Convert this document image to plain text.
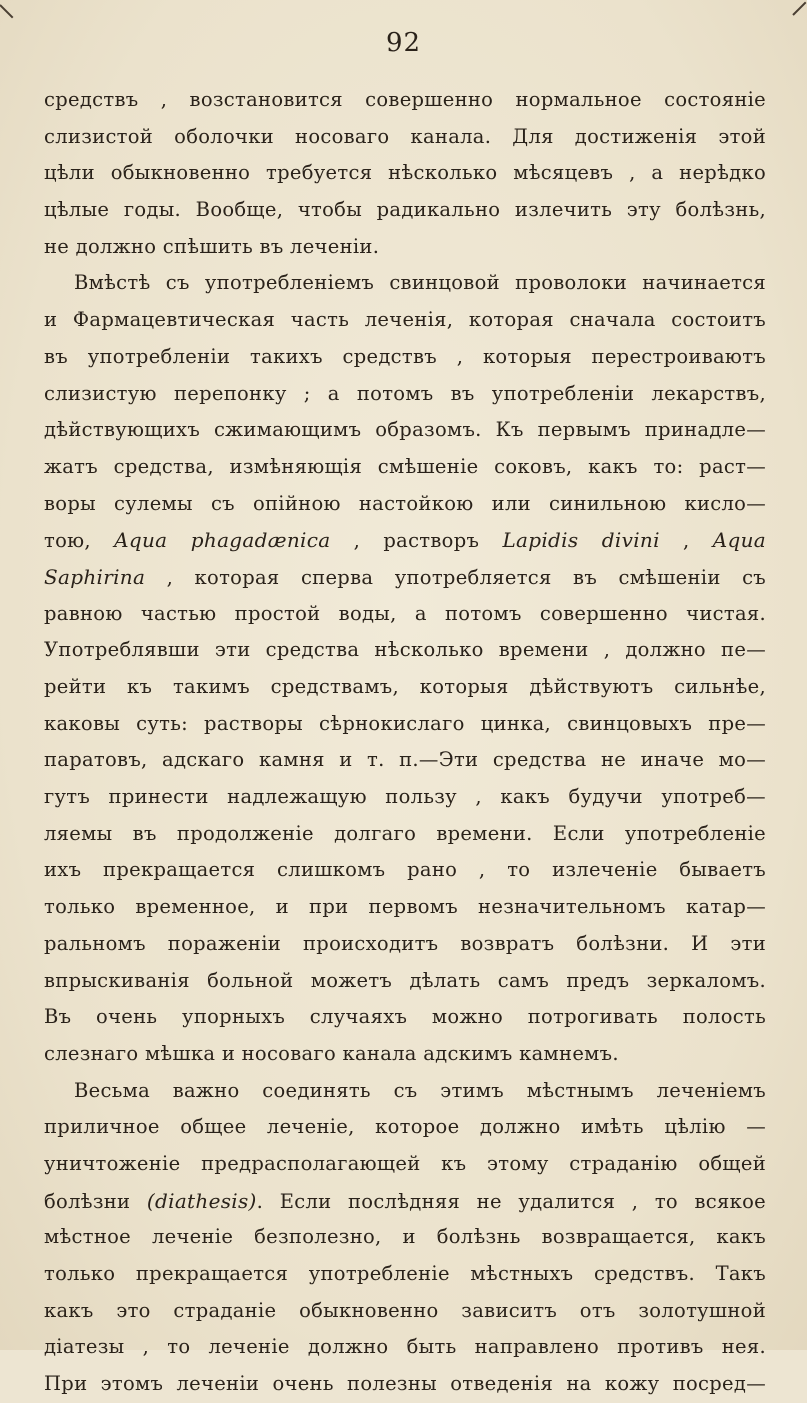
92
средствъ , возстановится совершенно нормальное состоянiе
слизистой оболочки носоваго канала. Для достиженiя этой
цѣли обыкновенно требуется нѣсколько мѣсяцевъ , а нерѣдко
цѣлые годы. Вообще, чтобы радикально излечить эту болѣзнь,
не должно спѣшить въ леченiи.
Вмѣстѣ съ употребленiемъ свинцовой проволоки начинается
и Фармацевтическая часть леченiя, которая сначала состоитъ
въ употребленiи такихъ средствъ , которыя перестроиваютъ
слизистую перепонку ; а потомъ въ употребленiи лекарствъ,
дѣйствующихъ сжимающимъ образомъ. Къ первымъ принадле—
жатъ средства, измѣняющiя смѣшенiе соковъ, какъ то: раст—
воры сулемы съ опiйною настойкою или синильною кисло—
тою, Aqua phagadænica , растворъ Lapidis divini , Aqua
Saphirina , которая сперва употребляется въ смѣшенiи съ
равною частью простой воды, а потомъ совершенно чистая.
Употреблявши эти средства нѣсколько времени , должно пе—
рейти къ такимъ средствамъ, которыя дѣйствуютъ сильнѣе,
каковы суть: растворы сѣрнокислаго цинка, свинцовыхъ пре—
паратовъ, адскаго камня и т. п.—Эти средства не иначе мо—
гутъ принести надлежащую пользу , какъ будучи употреб—
ляемы въ продолженiе долгаго времени. Если употребленiе
ихъ прекращается слишкомъ рано , то излеченiе бываетъ
только временное, и при первомъ незначительномъ катар—
ральномъ пораженiи происходитъ возвратъ болѣзни. И эти
впрыскиванiя больной можетъ дѣлать самъ предъ зеркаломъ.
Въ очень упорныхъ случаяхъ можно потрогивать полость
слезнаго мѣшка и носоваго канала адскимъ камнемъ.
Весьма важно соединять съ этимъ мѣстнымъ леченiемъ
приличное общее леченiе, которое должно имѣть цѣлiю —
уничтоженiе предрасполагающей къ этому страданiю общей
болѣзни (diathesis). Если послѣдняя не удалится , то всякое
мѣстное леченiе безполезно, и болѣзнь возвращается, какъ
только прекращается употребленiе мѣстныхъ средствъ. Такъ
какъ это страданiе обыкновенно зависитъ отъ золотушной
дiатезы , то леченiе должно быть направлено противъ нея.
При этомъ леченiи очень полезны отведенiя на кожу посред—
